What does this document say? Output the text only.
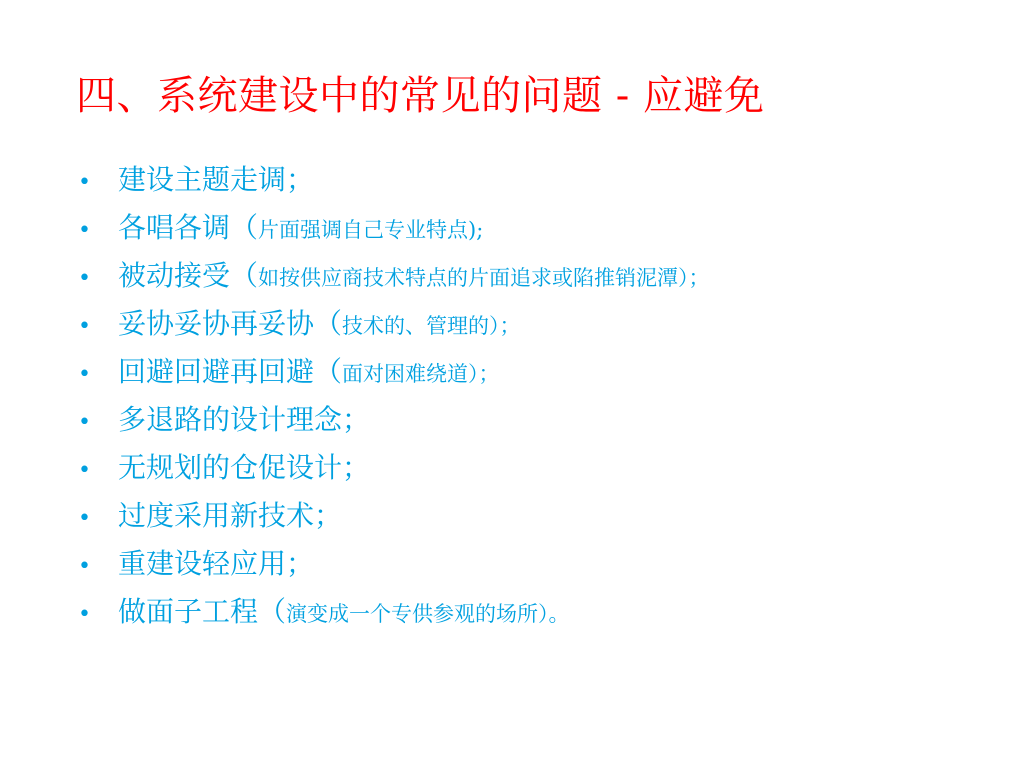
四、系统建设中的常见的问题 - 应避免
• 建设主题走调；
• 各唱各调（ 片面强调自己专业特点);
• 被动接受（ 如按供应商技术特点的片面追求或陷推销泥潭）；
• 妥协妥协再妥协（ 技术的、管理的）；
• 回避回避再回避（ 面对困难绕道）；
• 多退路的设计理念；
• 无规划的仓促设计；
• 过度采用新技术；
• 重建设轻应用；
• 做面子工程（ 演变成一个专供参观的场所）。
